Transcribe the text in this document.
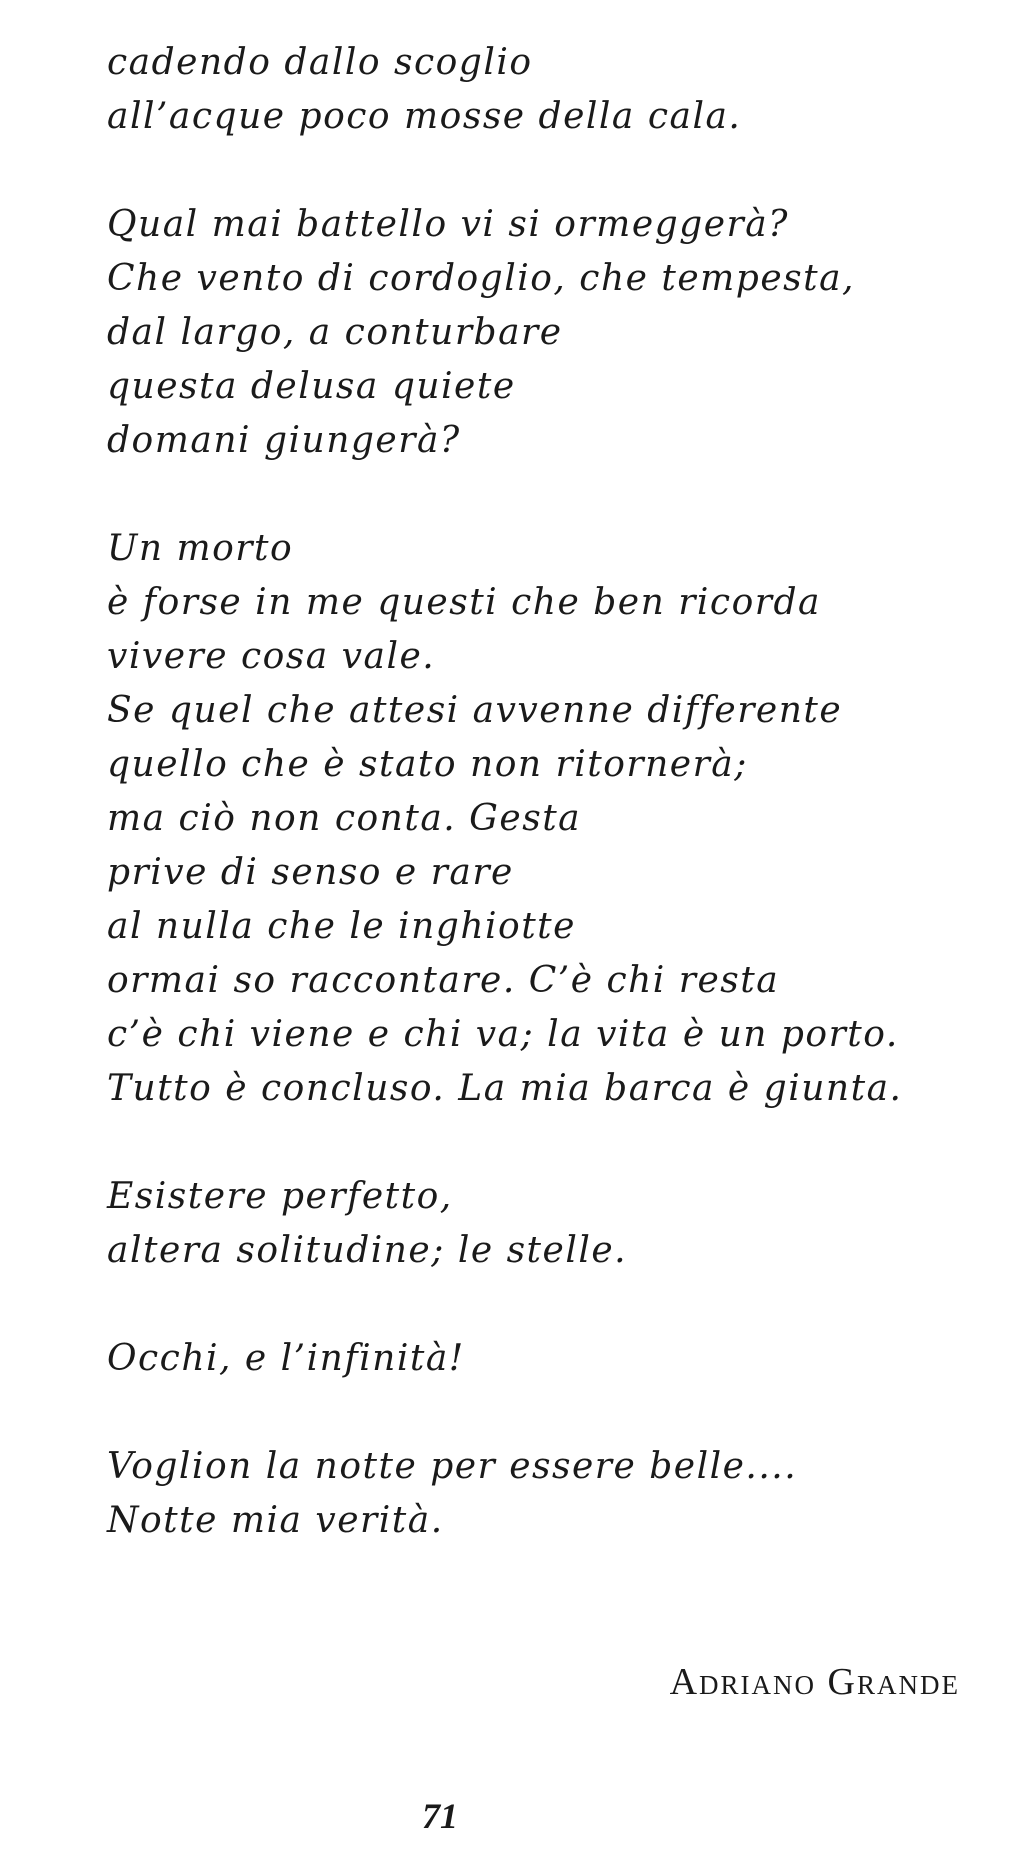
cadendo dallo scoglio
all’acque poco mosse della cala.
Qual mai battello vi si ormeggerà?
Che vento di cordoglio, che tempesta,
dal largo, a conturbare
questa delusa quiete
domani giungerà?
Un morto
è forse in me questi che ben ricorda
vivere cosa vale.
Se quel che attesi avvenne differente
quello che è stato non ritornerà;
ma ciò non conta. Gesta
prive di senso e rare
al nulla che le inghiotte
ormai so raccontare. C’è chi resta
c’è chi viene e chi va; la vita è un porto.
Tutto è concluso. La mia barca è giunta.
Esistere perfetto,
altera solitudine; le stelle.
Occhi, e l’infinità!
Voglion la notte per essere belle....
Notte mia verità.
Adriano Grande
71
